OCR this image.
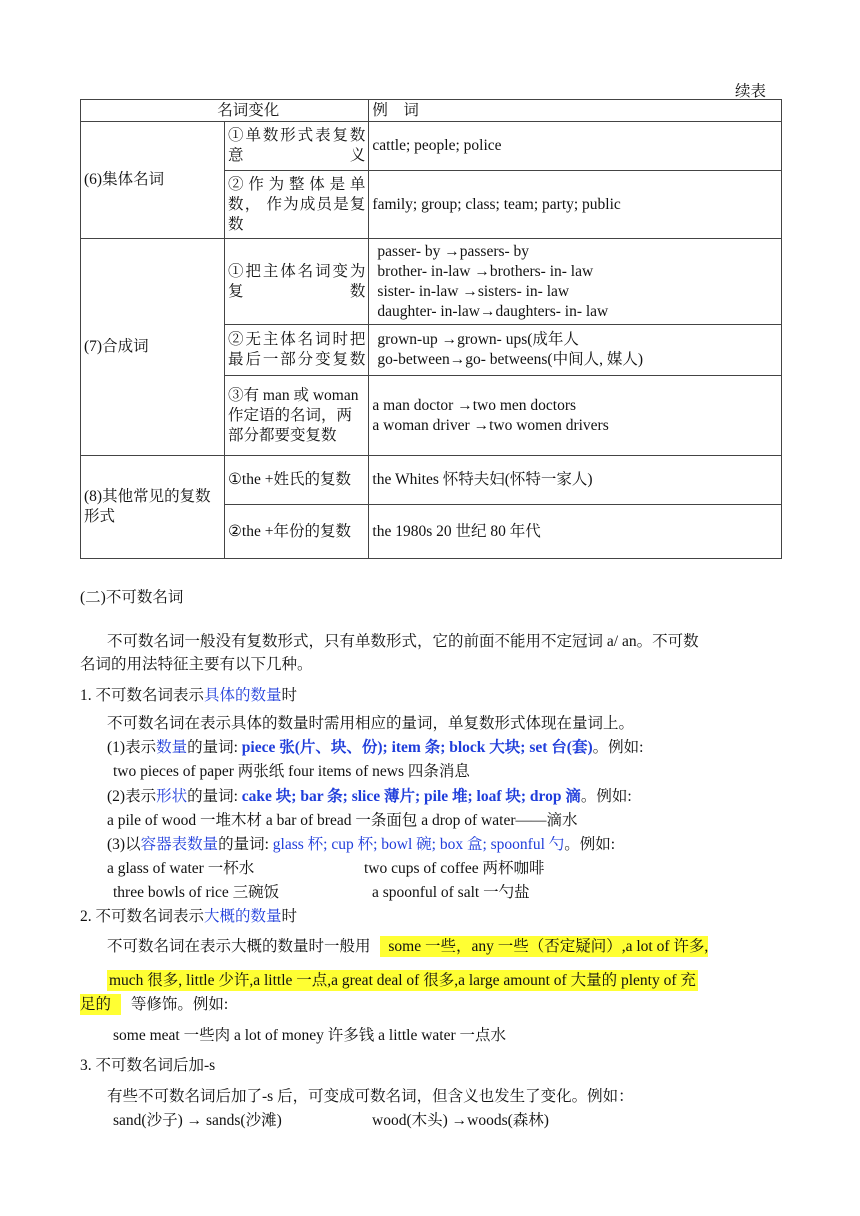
续表
名词变化		例　词
(6)集体名词	①单数形式表复数意义	cattle; people; police

	② 作 为 整 体 是 单 数， 作为成员是复数	family; group; class; team; party; public

(7)合成词	①把主体名词变为复数	passer- by →passers- by
brother- in-law →brothers- in- law
sister- in-law →sisters- in- law
daughter- in-law→daughters- in- law

	②无主体名词时把最后一部分变复数	grown-up →grown- ups(成年人
go-between→go- betweens(中间人, 媒人)

	③有 man 或 woman 作定语的名词，两部分都要变复数	a man doctor →two men doctors
a woman driver →two women drivers

(8)其他常见的复数形式	①the +姓氏的复数	the Whites 怀特夫妇(怀特一家人)

	②the +年份的复数	the 1980s 20 世纪 80 年代
(二)不可数名词
不可数名词一般没有复数形式，只有单数形式，它的前面不能用不定冠词 a/ an。不可数
名词的用法特征主要有以下几种。
1. 不可数名词表示具体的数量时
不可数名词在表示具体的数量时需用相应的量词，单复数形式体现在量词上。
(1)表示数量的量词: piece 张(片、块、份); item 条; block 大块; set 台(套)。例如:
two pieces of paper 两张纸 four items of news 四条消息
(2)表示形状的量词: cake 块; bar 条; slice 薄片; pile 堆; loaf 块; drop 滴。例如:
a pile of wood 一堆木材 a bar of bread 一条面包 a drop of water——滴水
(3)以容器表数量的量词: glass 杯; cup 杯; bowl 碗; box 盒; spoonful 勺。例如:
a glass of water 一杯水	two cups of coffee 两杯咖啡
three bowls of rice 三碗饭	a spoonful of salt 一勺盐
2. 不可数名词表示大概的数量时
不可数名词在表示大概的数量时一般用 some 一些，any 一些（否定疑问）,a lot of 许多,
much 很多, little 少许,a little 一点,a great deal of 很多,a large amount of 大量的 plenty of 充
足的 等修饰。例如:
some meat 一些肉 a lot of money 许多钱 a little water 一点水
3. 不可数名词后加-s
有些不可数名词后加了-s 后，可变成可数名词，但含义也发生了变化。例如：
sand(沙子) → sands(沙滩)	wood(木头) →woods(森林)
